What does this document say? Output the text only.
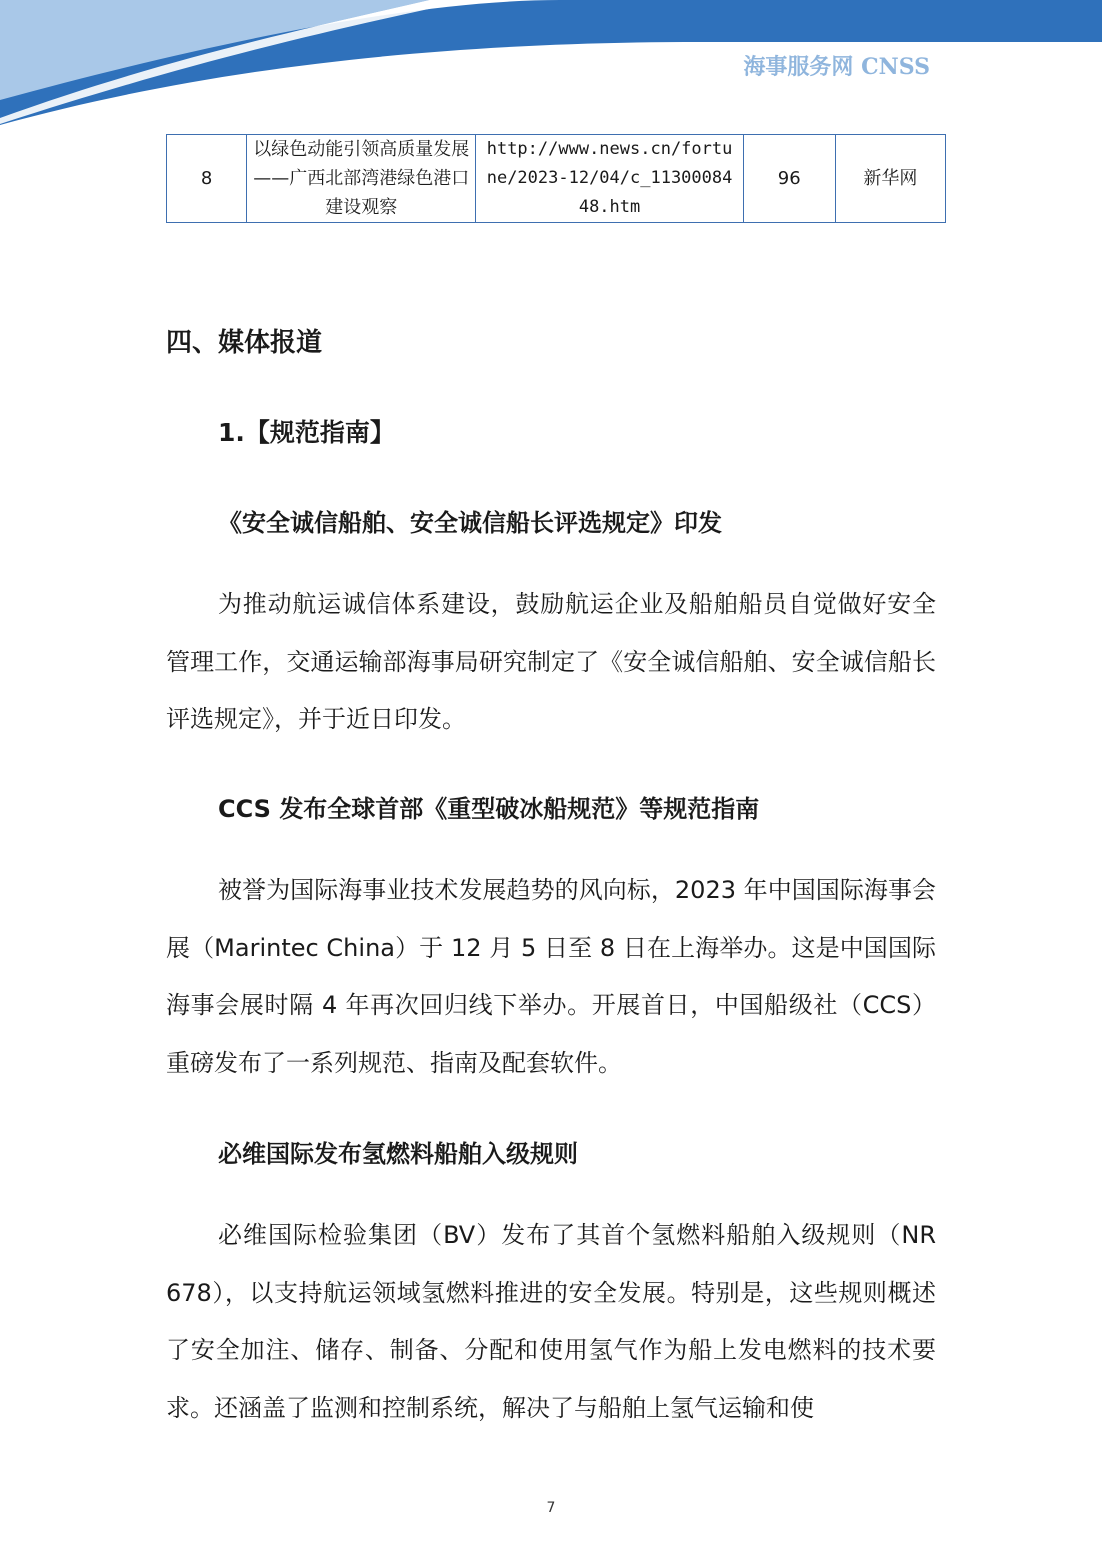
海事服务网 CNSS
8	以绿色动能引领高质量发展——广西北部湾港绿色港口建设观察	http://www.news.cn/fortune/2023-12/04/c_1130008448.htm	96	新华网
四、媒体报道
1.【规范指南】
《安全诚信船舶、安全诚信船长评选规定》印发
为推动航运诚信体系建设，鼓励航运企业及船舶船员自觉做好安全管理工作，交通运输部海事局研究制定了《安全诚信船舶、安全诚信船长评选规定》，并于近日印发。
CCS 发布全球首部《重型破冰船规范》等规范指南
被誉为国际海事业技术发展趋势的风向标，2023 年中国国际海事会展（Marintec China）于 12 月 5 日至 8 日在上海举办。这是中国国际海事会展时隔 4 年再次回归线下举办。开展首日，中国船级社（CCS）重磅发布了一系列规范、指南及配套软件。
必维国际发布氢燃料船舶入级规则
必维国际检验集团（BV）发布了其首个氢燃料船舶入级规则（NR 678），以支持航运领域氢燃料推进的安全发展。特别是，这些规则概述了安全加注、储存、制备、分配和使用氢气作为船上发电燃料的技术要求。还涵盖了监测和控制系统，解决了与船舶上氢气运输和使
7
